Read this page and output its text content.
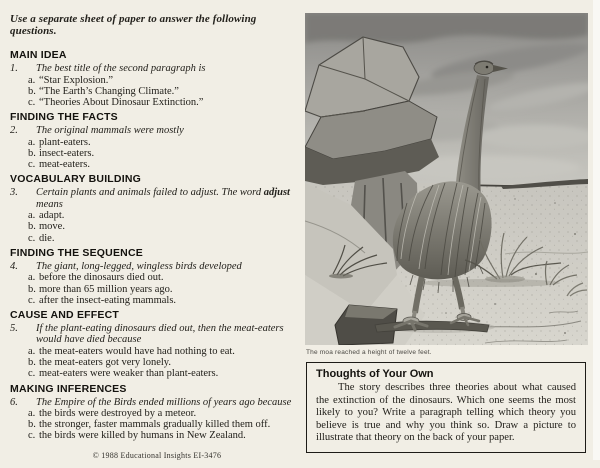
Use a separate sheet of paper to answer the following questions.

MAIN IDEA
1. The best title of the second paragraph is

a. “Star Explosion.”
b. “The Earth’s Changing Climate.”
c. “Theories About Dinosaur Extinction.”
FINDING THE FACTS
2. The original mammals were mostly

a. plant-eaters.
b. insect-eaters.
c. meat-eaters.
VOCABULARY BUILDING
3. Certain plants and animals failed to adjust. The word adjust means

a. adapt.
b. move.
c. die.
FINDING THE SEQUENCE
4. The giant, long-legged, wingless birds developed

a. before the dinosaurs died out.
b. more than 65 million years ago.
c. after the insect-eating mammals.
CAUSE AND EFFECT
5. If the plant-eating dinosaurs died out, then the meat-eaters would have died because

a. the meat-eaters would have had nothing to eat.
b. the meat-eaters got very lonely.
c. meat-eaters were weaker than plant-eaters.
MAKING INFERENCES
6. The Empire of the Birds ended millions of years ago because

a. the birds were destroyed by a meteor.
b. the stronger, faster mammals gradually killed them off.
c. the birds were killed by humans in New Zealand.

© 1988 Educational Insights EI-3476

The moa reached a height of twelve feet.
Thoughts of Your Own

The story describes three theories about what caused the extinction of the dinosaurs. Which one seems the most likely to you? Write a paragraph telling which theory you believe is true and why you think so. Draw a picture to illustrate that theory on the back of your paper.
